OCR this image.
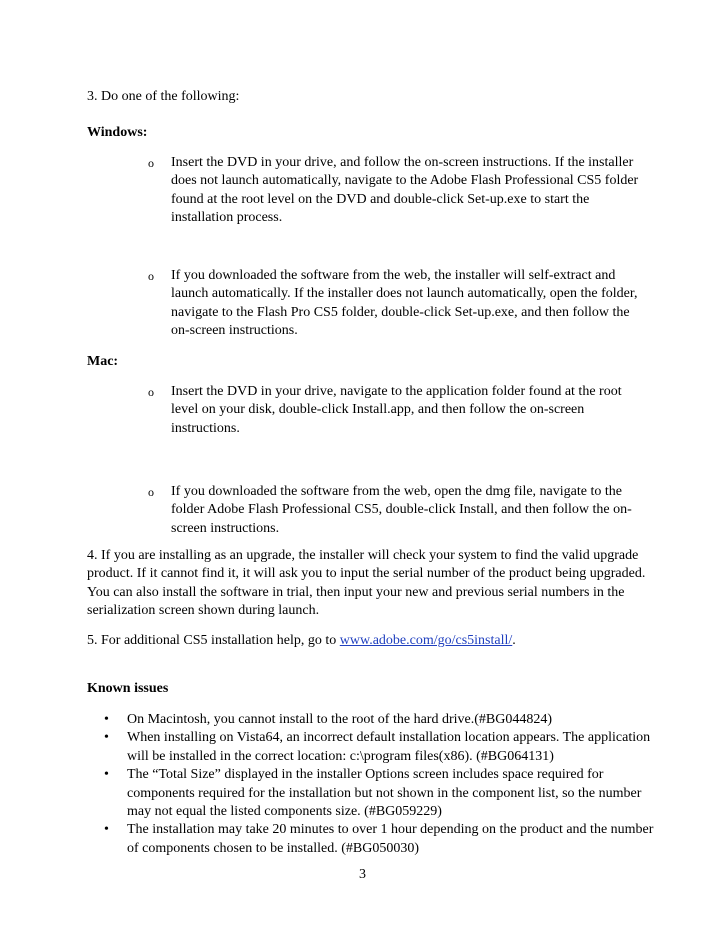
3. Do one of the following:

Windows:

o Insert the DVD in your drive, and follow the on-screen instructions. If the installer does not launch automatically, navigate to the Adobe Flash Professional CS5 folder found at the root level on the DVD and double-click Set-up.exe to start the installation process.

o If you downloaded the software from the web, the installer will self-extract and launch automatically. If the installer does not launch automatically, open the folder, navigate to the Flash Pro CS5 folder, double-click Set-up.exe, and then follow the on-screen instructions.

Mac:

o Insert the DVD in your drive, navigate to the application folder found at the root level on your disk, double-click Install.app, and then follow the on-screen instructions.

o If you downloaded the software from the web, open the dmg file, navigate to the folder Adobe Flash Professional CS5, double-click Install, and then follow the on-screen instructions.

4. If you are installing as an upgrade, the installer will check your system to find the valid upgrade product. If it cannot find it, it will ask you to input the serial number of the product being upgraded. You can also install the software in trial, then input your new and previous serial numbers in the serialization screen shown during launch.

5. For additional CS5 installation help, go to www.adobe.com/go/cs5install/.

Known issues

• On Macintosh, you cannot install to the root of the hard drive.(#BG044824)
• When installing on Vista64, an incorrect default installation location appears. The application will be installed in the correct location: c:\program files(x86). (#BG064131)
• The “Total Size” displayed in the installer Options screen includes space required for components required for the installation but not shown in the component list, so the number may not equal the listed components size. (#BG059229)
• The installation may take 20 minutes to over 1 hour depending on the product and the number of components chosen to be installed. (#BG050030)

3
